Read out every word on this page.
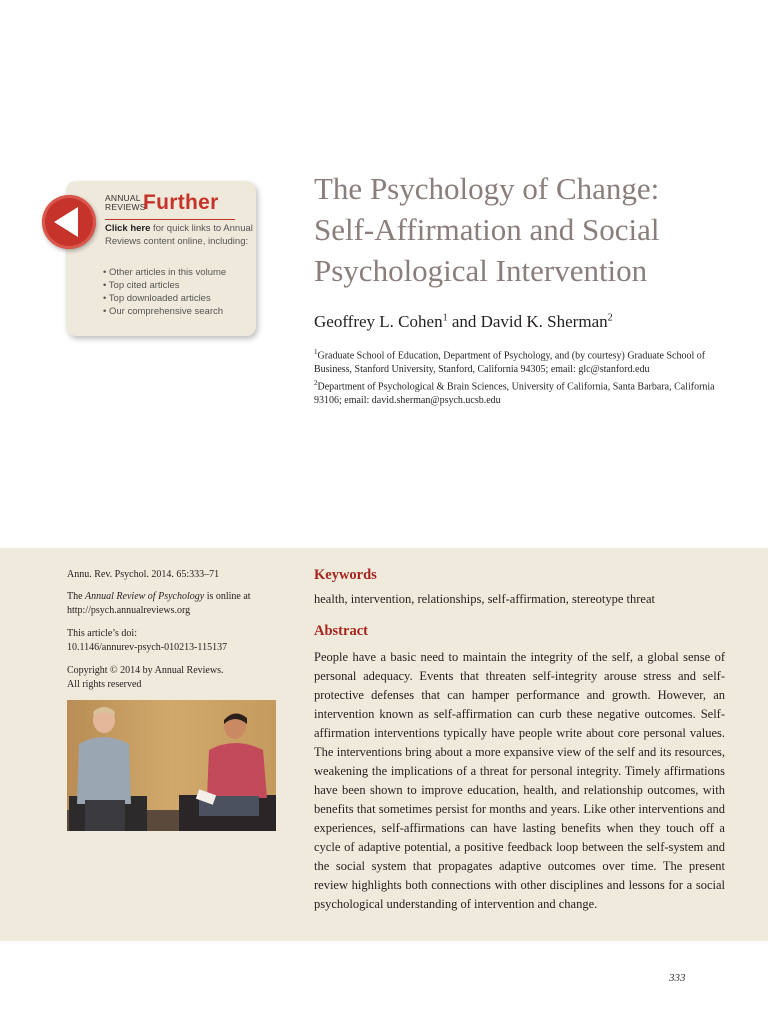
ANNUAL
REVIEWS
Further
Click here for quick links to Annual Reviews content online, including:
• Other articles in this volume
• Top cited articles
• Top downloaded articles
• Our comprehensive search
The Psychology of Change:
Self-Affirmation and Social
Psychological Intervention
Geoffrey L. Cohen$^1$ and David K. Sherman$^2$
$^1$Graduate School of Education, Department of Psychology, and (by courtesy) Graduate School of Business, Stanford University, Stanford, California 94305; email: glc@stanford.edu
$^2$Department of Psychological & Brain Sciences, University of California, Santa Barbara, California 93106; email: david.sherman@psych.ucsb.edu
Annu. Rev. Psychol. 2014. 65:333–71
The Annual Review of Psychology is online at http://psych.annualreviews.org
This article’s doi:
10.1146/annurev-psych-010213-115137
Copyright © 2014 by Annual Reviews.
All rights reserved
Keywords
health, intervention, relationships, self-affirmation, stereotype threat
Abstract

People have a basic need to maintain the integrity of the self, a global sense of personal adequacy. Events that threaten self-integrity arouse stress and self-protective defenses that can hamper performance and growth. However, an intervention known as self-affirmation can curb these negative outcomes. Self-affirmation interventions typically have people write about core personal values. The interventions bring about a more expansive view of the self and its resources, weakening the implications of a threat for personal integrity. Timely affirmations have been shown to improve education, health, and relationship outcomes, with benefits that sometimes persist for months and years. Like other interventions and experiences, self-affirmations can have lasting benefits when they touch off a cycle of adaptive potential, a positive feedback loop between the self-system and the social system that propagates adaptive outcomes over time. The present review highlights both connections with other disciplines and lessons for a social psychological understanding of intervention and change.

333
